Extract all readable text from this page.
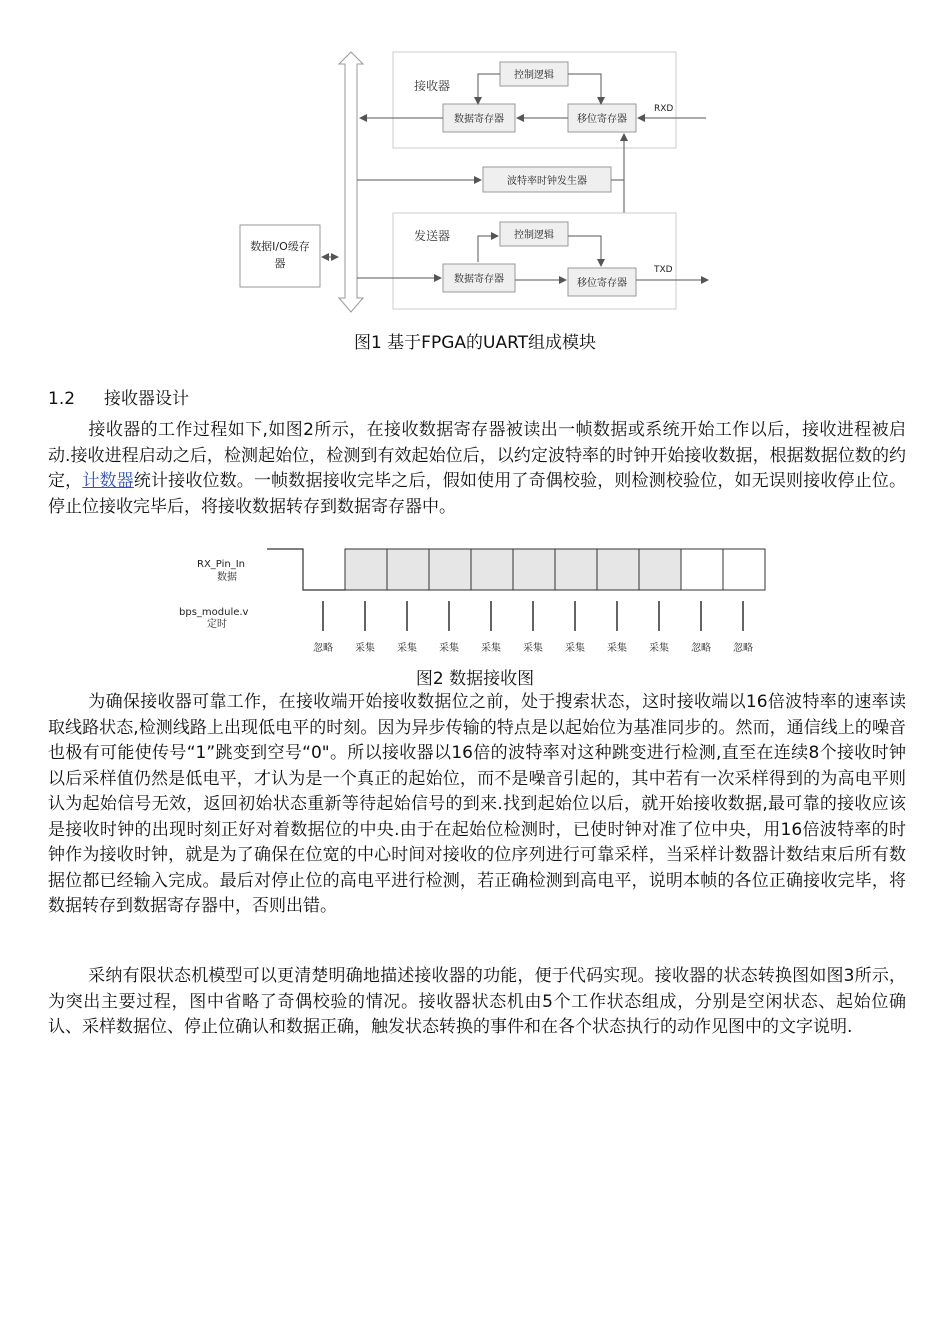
接收器
控制逻辑
数据寄存器	移位寄存器
RXD
波特率时钟发生器
发送器	控制逻辑
数据寄存器	移位寄存器
TXD
数据I/O缓存
器
图1 基于FPGA的UART组成模块
1.2 接收器设计

接收器的工作过程如下,如图2所示，在接收数据寄存器被读出一帧数据或系统开始工作以后，接收进程被启动.接收进程启动之后，检测起始位，检测到有效起始位后，以约定波特率的时钟开始接收数据，根据数据位数的约定，计数器统计接收位数。一帧数据接收完毕之后，假如使用了奇偶校验，则检测校验位，如无误则接收停止位。停止位接收完毕后，将接收数据转存到数据寄存器中。

RX_Pin_In
数据
bps_module.v
定时
忽略 采集 采集 采集 采集 采集 采集 采集 采集 忽略 忽略
图2 数据接收图

为确保接收器可靠工作，在接收端开始接收数据位之前，处于搜索状态，这时接收端以16倍波特率的速率读取线路状态,检测线路上出现低电平的时刻。因为异步传输的特点是以起始位为基准同步的。然而，通信线上的噪音也极有可能使传号“1”跳变到空号“0"。所以接收器以16倍的波特率对这种跳变进行检测,直至在连续8个接收时钟以后采样值仍然是低电平，才认为是一个真正的起始位，而不是噪音引起的，其中若有一次采样得到的为高电平则认为起始信号无效，返回初始状态重新等待起始信号的到来.找到起始位以后，就开始接收数据,最可靠的接收应该是接收时钟的出现时刻正好对着数据位的中央.由于在起始位检测时，已使时钟对准了位中央，用16倍波特率的时钟作为接收时钟，就是为了确保在位宽的中心时间对接收的位序列进行可靠采样，当采样计数器计数结束后所有数据位都已经输入完成。最后对停止位的高电平进行检测，若正确检测到高电平，说明本帧的各位正确接收完毕，将数据转存到数据寄存器中，否则出错。

采纳有限状态机模型可以更清楚明确地描述接收器的功能，便于代码实现。接收器的状态转换图如图3所示，为突出主要过程，图中省略了奇偶校验的情况。接收器状态机由5个工作状态组成，分别是空闲状态、起始位确认、采样数据位、停止位确认和数据正确，触发状态转换的事件和在各个状态执行的动作见图中的文字说明.
